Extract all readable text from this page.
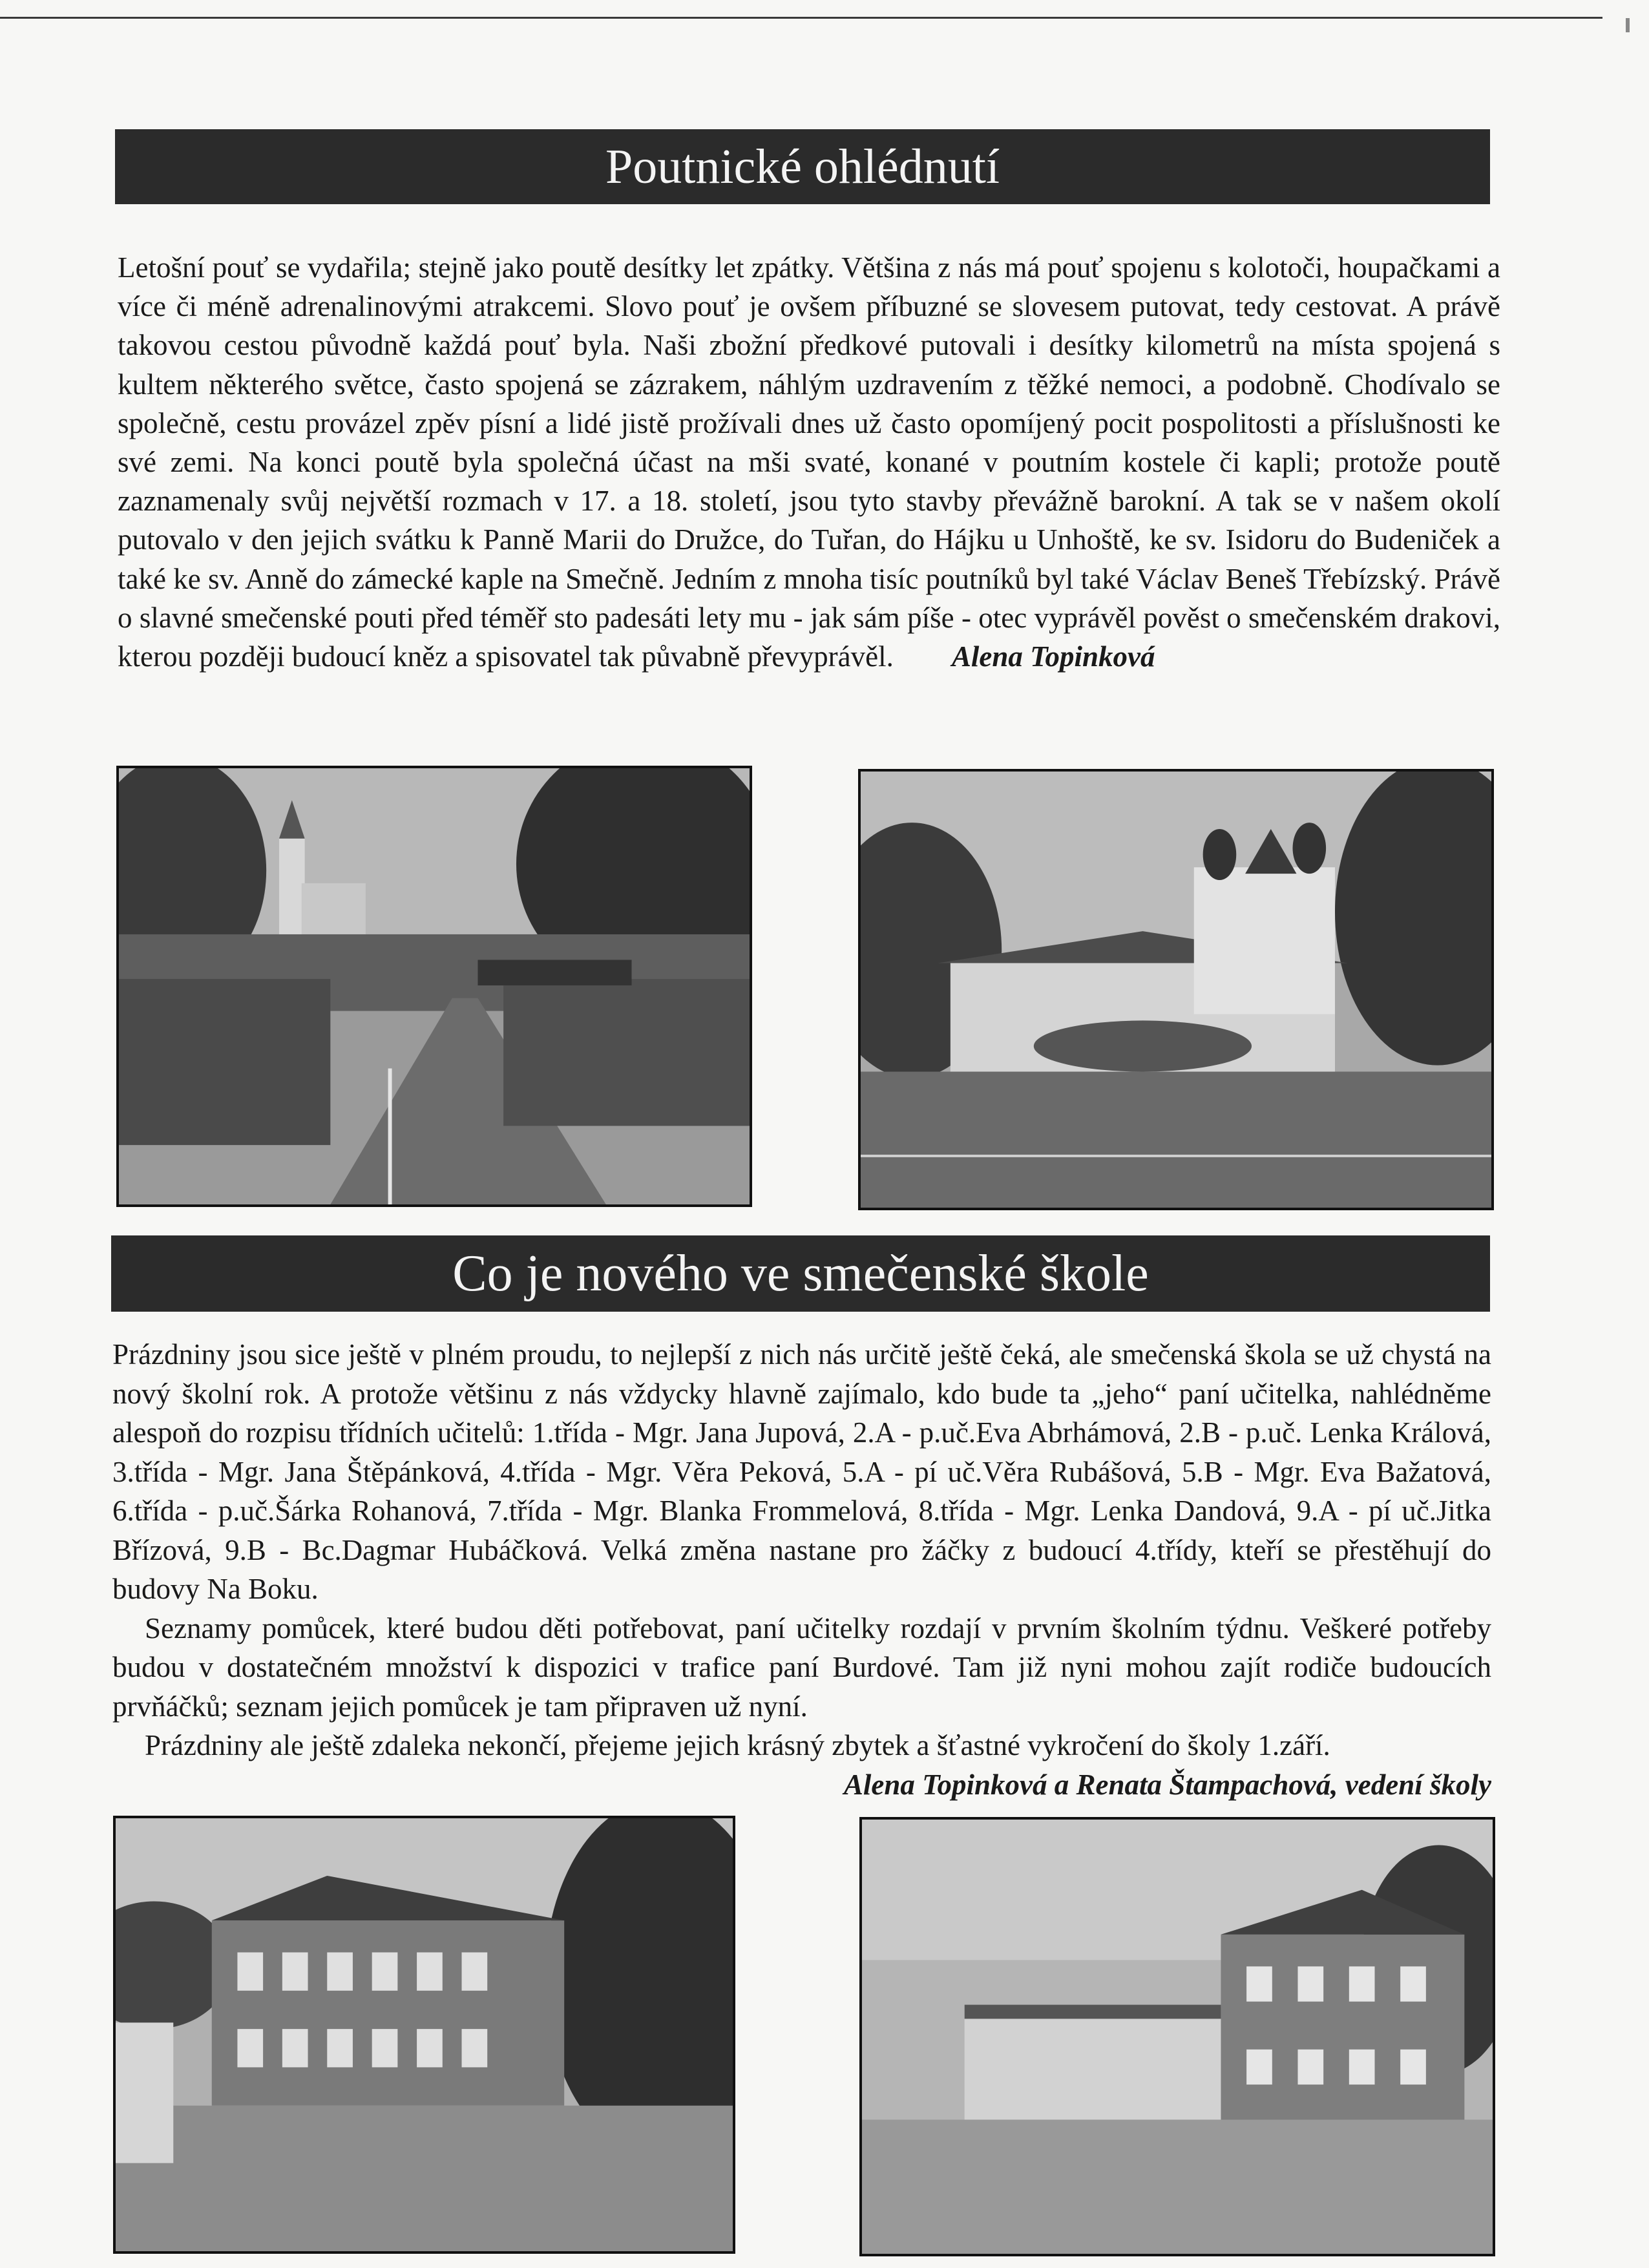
Poutnické ohlédnutí

Letošní pouť se vydařila; stejně jako poutě desítky let zpátky. Většina z nás má pouť spojenu s kolotoči, houpačkami a více či méně adrenalinovými atrakcemi. Slovo pouť je ovšem příbuzné se slovesem putovat, tedy cestovat. A právě takovou cestou původně každá pouť byla. Naši zbožní předkové putovali i desítky kilometrů na místa spojená s kultem některého světce, často spojená se zázrakem, náhlým uzdravením z těžké nemoci, a podobně. Chodívalo se společně, cestu provázel zpěv písní a lidé jistě prožívali dnes už často opomíjený pocit pospolitosti a příslušnosti ke své zemi. Na konci poutě byla společná účast na mši svaté, konané v poutním kostele či kapli; protože poutě zaznamenaly svůj největší rozmach v 17. a 18. století, jsou tyto stavby převážně barokní. A tak se v našem okolí putovalo v den jejich svátku k Panně Marii do Družce, do Tuřan, do Hájku u Unhoště, ke sv. Isidoru do Budeniček a také ke sv. Anně do zámecké kaple na Smečně. Jedním z mnoha tisíc poutníků byl také Václav Beneš Třebízský. Právě o slavné smečenské pouti před téměř sto padesáti lety mu - jak sám píše - otec vyprávěl pověst o smečenském drakovi, kterou později budoucí kněz a spisovatel tak půvabně převyprávěl. Alena Topinková

Co je nového ve smečenské škole

Prázdniny jsou sice ještě v plném proudu, to nejlepší z nich nás určitě ještě čeká, ale smečenská škola se už chystá na nový školní rok. A protože většinu z nás vždycky hlavně zajímalo, kdo bude ta „jeho“ paní učitelka, nahlédněme alespoň do rozpisu třídních učitelů: 1.třída - Mgr. Jana Jupová, 2.A - p.uč.Eva Abrhámová, 2.B - p.uč. Lenka Králová, 3.třída - Mgr. Jana Štěpánková, 4.třída - Mgr. Věra Peková, 5.A - pí uč.Věra Rubášová, 5.B - Mgr. Eva Bažatová, 6.třída - p.uč.Šárka Rohanová, 7.třída - Mgr. Blanka Frommelová, 8.třída - Mgr. Lenka Dandová, 9.A - pí uč.Jitka Břízová, 9.B - Bc.Dagmar Hubáčková. Velká změna nastane pro žáčky z budoucí 4.třídy, kteří se přestěhují do budovy Na Boku.

Seznamy pomůcek, které budou děti potřebovat, paní učitelky rozdají v prvním školním týdnu. Veškeré potřeby budou v dostatečném množství k dispozici v trafice paní Burdové. Tam již nyni mohou zajít rodiče budoucích prvňáčků; seznam jejich pomůcek je tam připraven už nyní.

Prázdniny ale ještě zdaleka nekončí, přejeme jejich krásný zbytek a šťastné vykročení do školy 1.září.

Alena Topinková a Renata Štampachová, vedení školy
